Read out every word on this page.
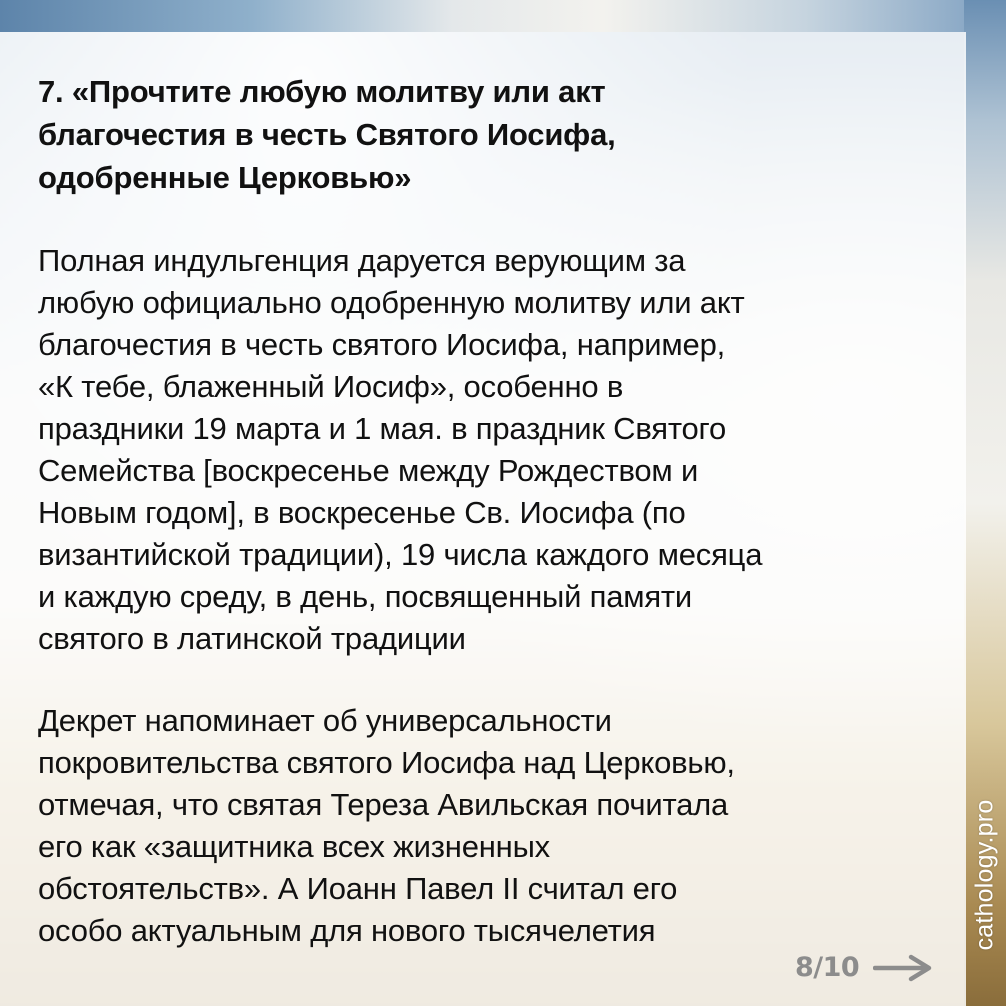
7. «Прочтите любую молитву или акт
благочестия в честь Святого Иосифа,
одобренные Церковью»

Полная индульгенция даруется верующим за
любую официально одобренную молитву или акт
благочестия в честь святого Иосифа, например,
«К тебе, блаженный Иосиф», особенно в
праздники 19 марта и 1 мая. в праздник Святого
Семейства [воскресенье между Рождеством и
Новым годом], в воскресенье Св. Иосифа (по
византийской традиции), 19 числа каждого месяца
и каждую среду, в день, посвященный памяти
святого в латинской традиции

Декрет напоминает об универсальности
покровительства святого Иосифа над Церковью,
отмечая, что святая Тереза Авильская почитала
его как «защитника всех жизненных
обстоятельств». А Иоанн Павел II считал его
особо актуальным для нового тысячелетия

8/10
cathology.pro
